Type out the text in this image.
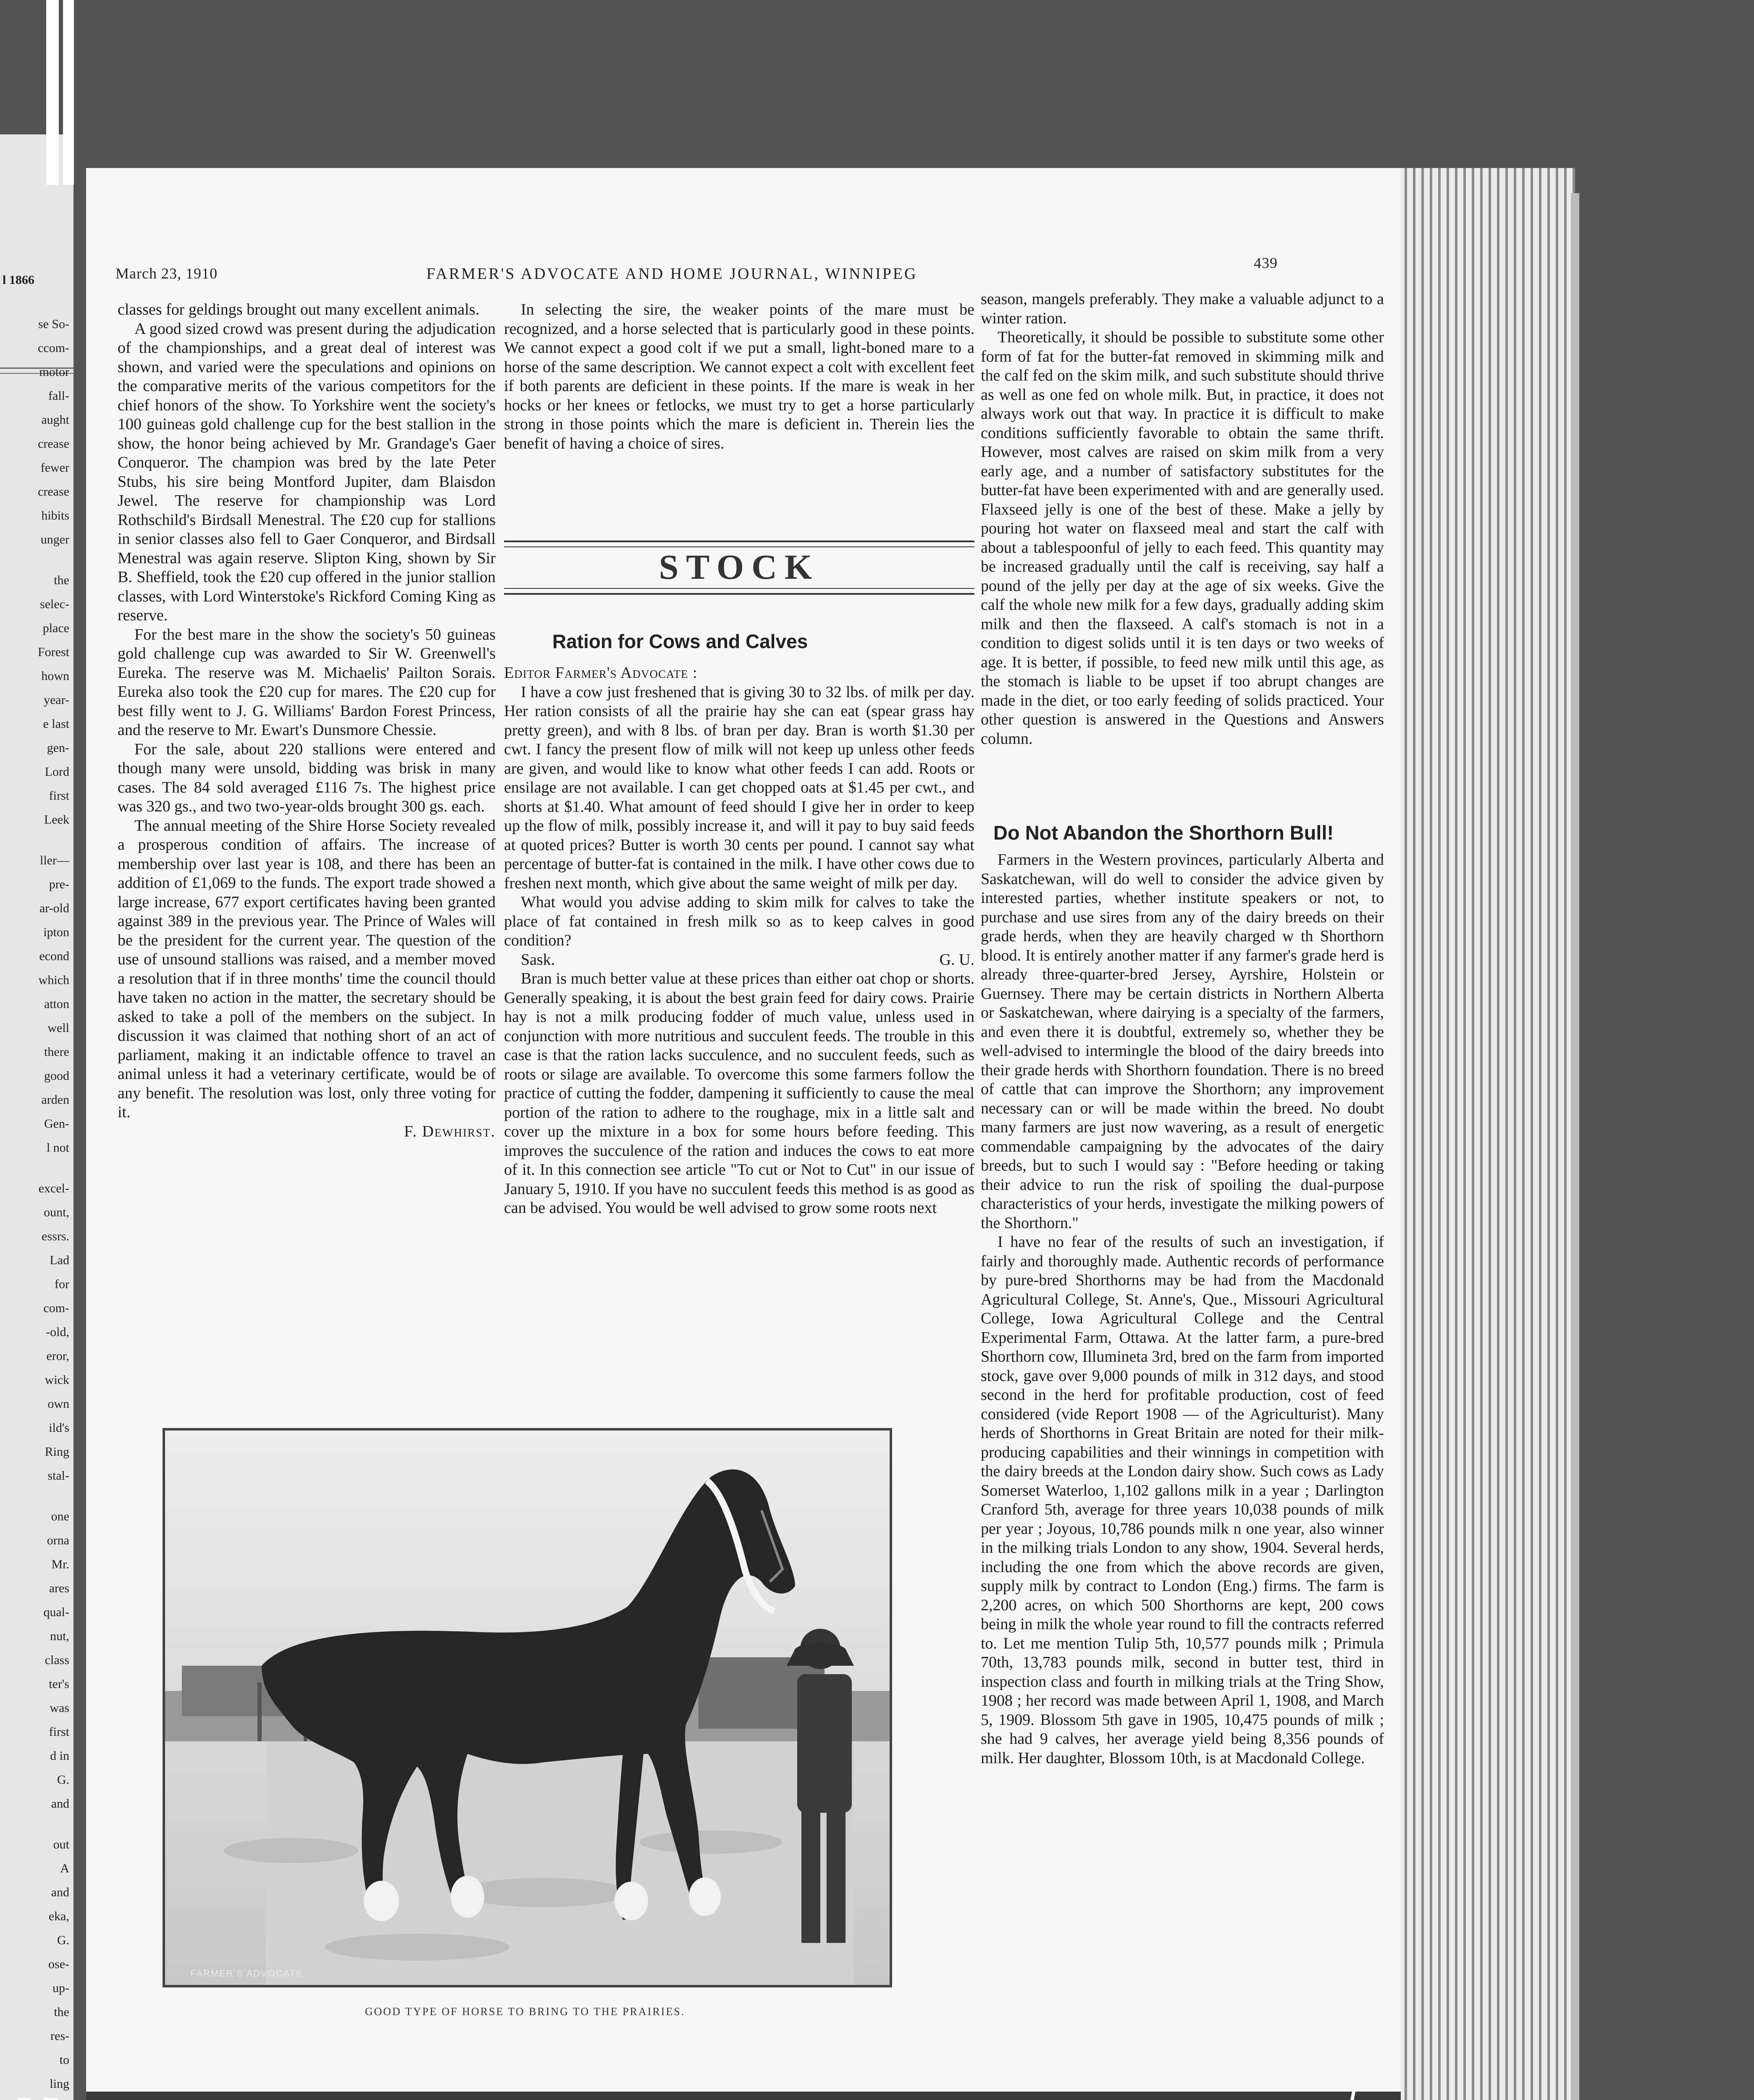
l 1866
se So-
ccom-
motor
fall-
aught
crease
fewer
crease
hibits
unger
the
selec-
place
Forest
hown
year-
e last
gen-
Lord
first
Leek
ller—
pre-
ar-old
ipton
econd
which
atton
well
there
good
arden
Gen-
l not
excel-
ount,
essrs.
Lad
for
com-
-old,
eror,
wick
own
ild's
Ring
stal-
one
orna
Mr.
ares
qual-
nut,
class
ter's
was
first
d in
G.
and
out
A
and
eka,
G.
ose-
up-
the
res-
to
ling
March 23, 1910	FARMER'S ADVOCATE AND HOME JOURNAL, WINNIPEG
439

classes for geldings brought out many excellent animals.

A good sized crowd was present during the adjudication of the championships, and a great deal of interest was shown, and varied were the speculations and opinions on the comparative merits of the various competitors for the chief honors of the show. To Yorkshire went the society's 100 guineas gold challenge cup for the best stallion in the show, the honor being achieved by Mr. Grandage's Gaer Conqueror. The champion was bred by the late Peter Stubs, his sire being Montford Jupiter, dam Blaisdon Jewel. The reserve for championship was Lord Rothschild's Birdsall Menestral. The £20 cup for stallions in senior classes also fell to Gaer Conqueror, and Birdsall Menestral was again reserve. Slipton King, shown by Sir B. Sheffield, took the £20 cup offered in the junior stallion classes, with Lord Winterstoke's Rickford Coming King as reserve.

For the best mare in the show the society's 50 guineas gold challenge cup was awarded to Sir W. Greenwell's Eureka. The reserve was M. Michaelis' Pailton Sorais. Eureka also took the £20 cup for mares. The £20 cup for best filly went to J. G. Williams' Bardon Forest Princess, and the reserve to Mr. Ewart's Dunsmore Chessie.

For the sale, about 220 stallions were entered and though many were unsold, bidding was brisk in many cases. The 84 sold averaged £116 7s. The highest price was 320 gs., and two two-year-olds brought 300 gs. each.

The annual meeting of the Shire Horse Society revealed a prosperous condition of affairs. The increase of membership over last year is 108, and there has been an addition of £1,069 to the funds. The export trade showed a large increase, 677 export certificates having been granted against 389 in the previous year. The Prince of Wales will be the president for the current year. The question of the use of unsound stallions was raised, and a member moved a resolution that if in three months' time the council thould have taken no action in the matter, the secretary should be asked to take a poll of the members on the subject. In discussion it was claimed that nothing short of an act of parliament, making it an indictable offence to travel an animal unless it had a veterinary certificate, would be of any benefit. The resolution was lost, only three voting for it.

F. Dewhirst.

In selecting the sire, the weaker points of the mare must be recognized, and a horse selected that is particularly good in these points. We cannot expect a good colt if we put a small, light-boned mare to a horse of the same description. We cannot expect a colt with excellent feet if both parents are deficient in these points. If the mare is weak in her hocks or her knees or fetlocks, we must try to get a horse particularly strong in those points which the mare is deficient in. Therein lies the benefit of having a choice of sires.

STOCK
Ration for Cows and Calves

Editor Farmer's Advocate :

I have a cow just freshened that is giving 30 to 32 lbs. of milk per day. Her ration consists of all the prairie hay she can eat (spear grass hay pretty green), and with 8 lbs. of bran per day. Bran is worth $1.30 per cwt. I fancy the present flow of milk will not keep up unless other feeds are given, and would like to know what other feeds I can add. Roots or ensilage are not available. I can get chopped oats at $1.45 per cwt., and shorts at $1.40. What amount of feed should I give her in order to keep up the flow of milk, possibly increase it, and will it pay to buy said feeds at quoted prices? Butter is worth 30 cents per pound. I cannot say what percentage of butter-fat is contained in the milk. I have other cows due to freshen next month, which give about the same weight of milk per day.

What would you advise adding to skim milk for calves to take the place of fat contained in fresh milk so as to keep calves in good condition?

Sask.	G. U.

Bran is much better value at these prices than either oat chop or shorts. Generally speaking, it is about the best grain feed for dairy cows. Prairie hay is not a milk producing fodder of much value, unless used in conjunction with more nutritious and succulent feeds. The trouble in this case is that the ration lacks succulence, and no succulent feeds, such as roots or silage are available. To overcome this some farmers follow the practice of cutting the fodder, dampening it sufficiently to cause the meal portion of the ration to adhere to the roughage, mix in a little salt and cover up the mixture in a box for some hours before feeding. This improves the succulence of the ration and induces the cows to eat more of it. In this connection see article "To cut or Not to Cut" in our issue of January 5, 1910. If you have no succulent feeds this method is as good as can be advised. You would be well advised to grow some roots next

season, mangels preferably. They make a valuable adjunct to a winter ration.

Theoretically, it should be possible to substitute some other form of fat for the butter-fat removed in skimming milk and the calf fed on the skim milk, and such substitute should thrive as well as one fed on whole milk. But, in practice, it does not always work out that way. In practice it is difficult to make conditions sufficiently favorable to obtain the same thrift. However, most calves are raised on skim milk from a very early age, and a number of satisfactory substitutes for the butter-fat have been experimented with and are generally used. Flaxseed jelly is one of the best of these. Make a jelly by pouring hot water on flaxseed meal and start the calf with about a tablespoonful of jelly to each feed. This quantity may be increased gradually until the calf is receiving, say half a pound of the jelly per day at the age of six weeks. Give the calf the whole new milk for a few days, gradually adding skim milk and then the flaxseed. A calf's stomach is not in a condition to digest solids until it is ten days or two weeks of age. It is better, if possible, to feed new milk until this age, as the stomach is liable to be upset if too abrupt changes are made in the diet, or too early feeding of solids practiced. Your other question is answered in the Questions and Answers column.

Do Not Abandon the Shorthorn Bull!

Farmers in the Western provinces, particularly Alberta and Saskatchewan, will do well to consider the advice given by interested parties, whether institute speakers or not, to purchase and use sires from any of the dairy breeds on their grade herds, when they are heavily charged w th Shorthorn blood. It is entirely another matter if any farmer's grade herd is already three-quarter-bred Jersey, Ayrshire, Holstein or Guernsey. There may be certain districts in Northern Alberta or Saskatchewan, where dairying is a specialty of the farmers, and even there it is doubtful, extremely so, whether they be well-advised to intermingle the blood of the dairy breeds into their grade herds with Shorthorn foundation. There is no breed of cattle that can improve the Shorthorn; any improvement necessary can or will be made within the breed. No doubt many farmers are just now wavering, as a result of energetic commendable campaigning by the advocates of the dairy breeds, but to such I would say : "Before heeding or taking their advice to run the risk of spoiling the dual-purpose characteristics of your herds, investigate the milking powers of the Shorthorn."

I have no fear of the results of such an investigation, if fairly and thoroughly made. Authentic records of performance by pure-bred Shorthorns may be had from the Macdonald Agricultural College, St. Anne's, Que., Missouri Agricultural College, Iowa Agricultural College and the Central Experimental Farm, Ottawa. At the latter farm, a pure-bred Shorthorn cow, Illumineta 3rd, bred on the farm from imported stock, gave over 9,000 pounds of milk in 312 days, and stood second in the herd for profitable production, cost of feed considered (vide Report 1908 — of the Agriculturist). Many herds of Shorthorns in Great Britain are noted for their milk-producing capabilities and their winnings in competition with the dairy breeds at the London dairy show. Such cows as Lady Somerset Waterloo, 1,102 gallons milk in a year ; Darlington Cranford 5th, average for three years 10,038 pounds of milk per year ; Joyous, 10,786 pounds milk n one year, also winner in the milking trials London to any show, 1904. Several herds, including the one from which the above records are given, supply milk by contract to London (Eng.) firms. The farm is 2,200 acres, on which 500 Shorthorns are kept, 200 cows being in milk the whole year round to fill the contracts referred to. Let me mention Tulip 5th, 10,577 pounds milk ; Primula 70th, 13,783 pounds milk, second in butter test, third in inspection class and fourth in milking trials at the Tring Show, 1908 ; her record was made between April 1, 1908, and March 5, 1909. Blossom 5th gave in 1905, 10,475 pounds of milk ; she had 9 calves, her average yield being 8,356 pounds of milk. Her daughter, Blossom 10th, is at Macdonald College.

FARMER'S ADVOCATE
GOOD TYPE OF HORSE TO BRING TO THE PRAIRIES.
